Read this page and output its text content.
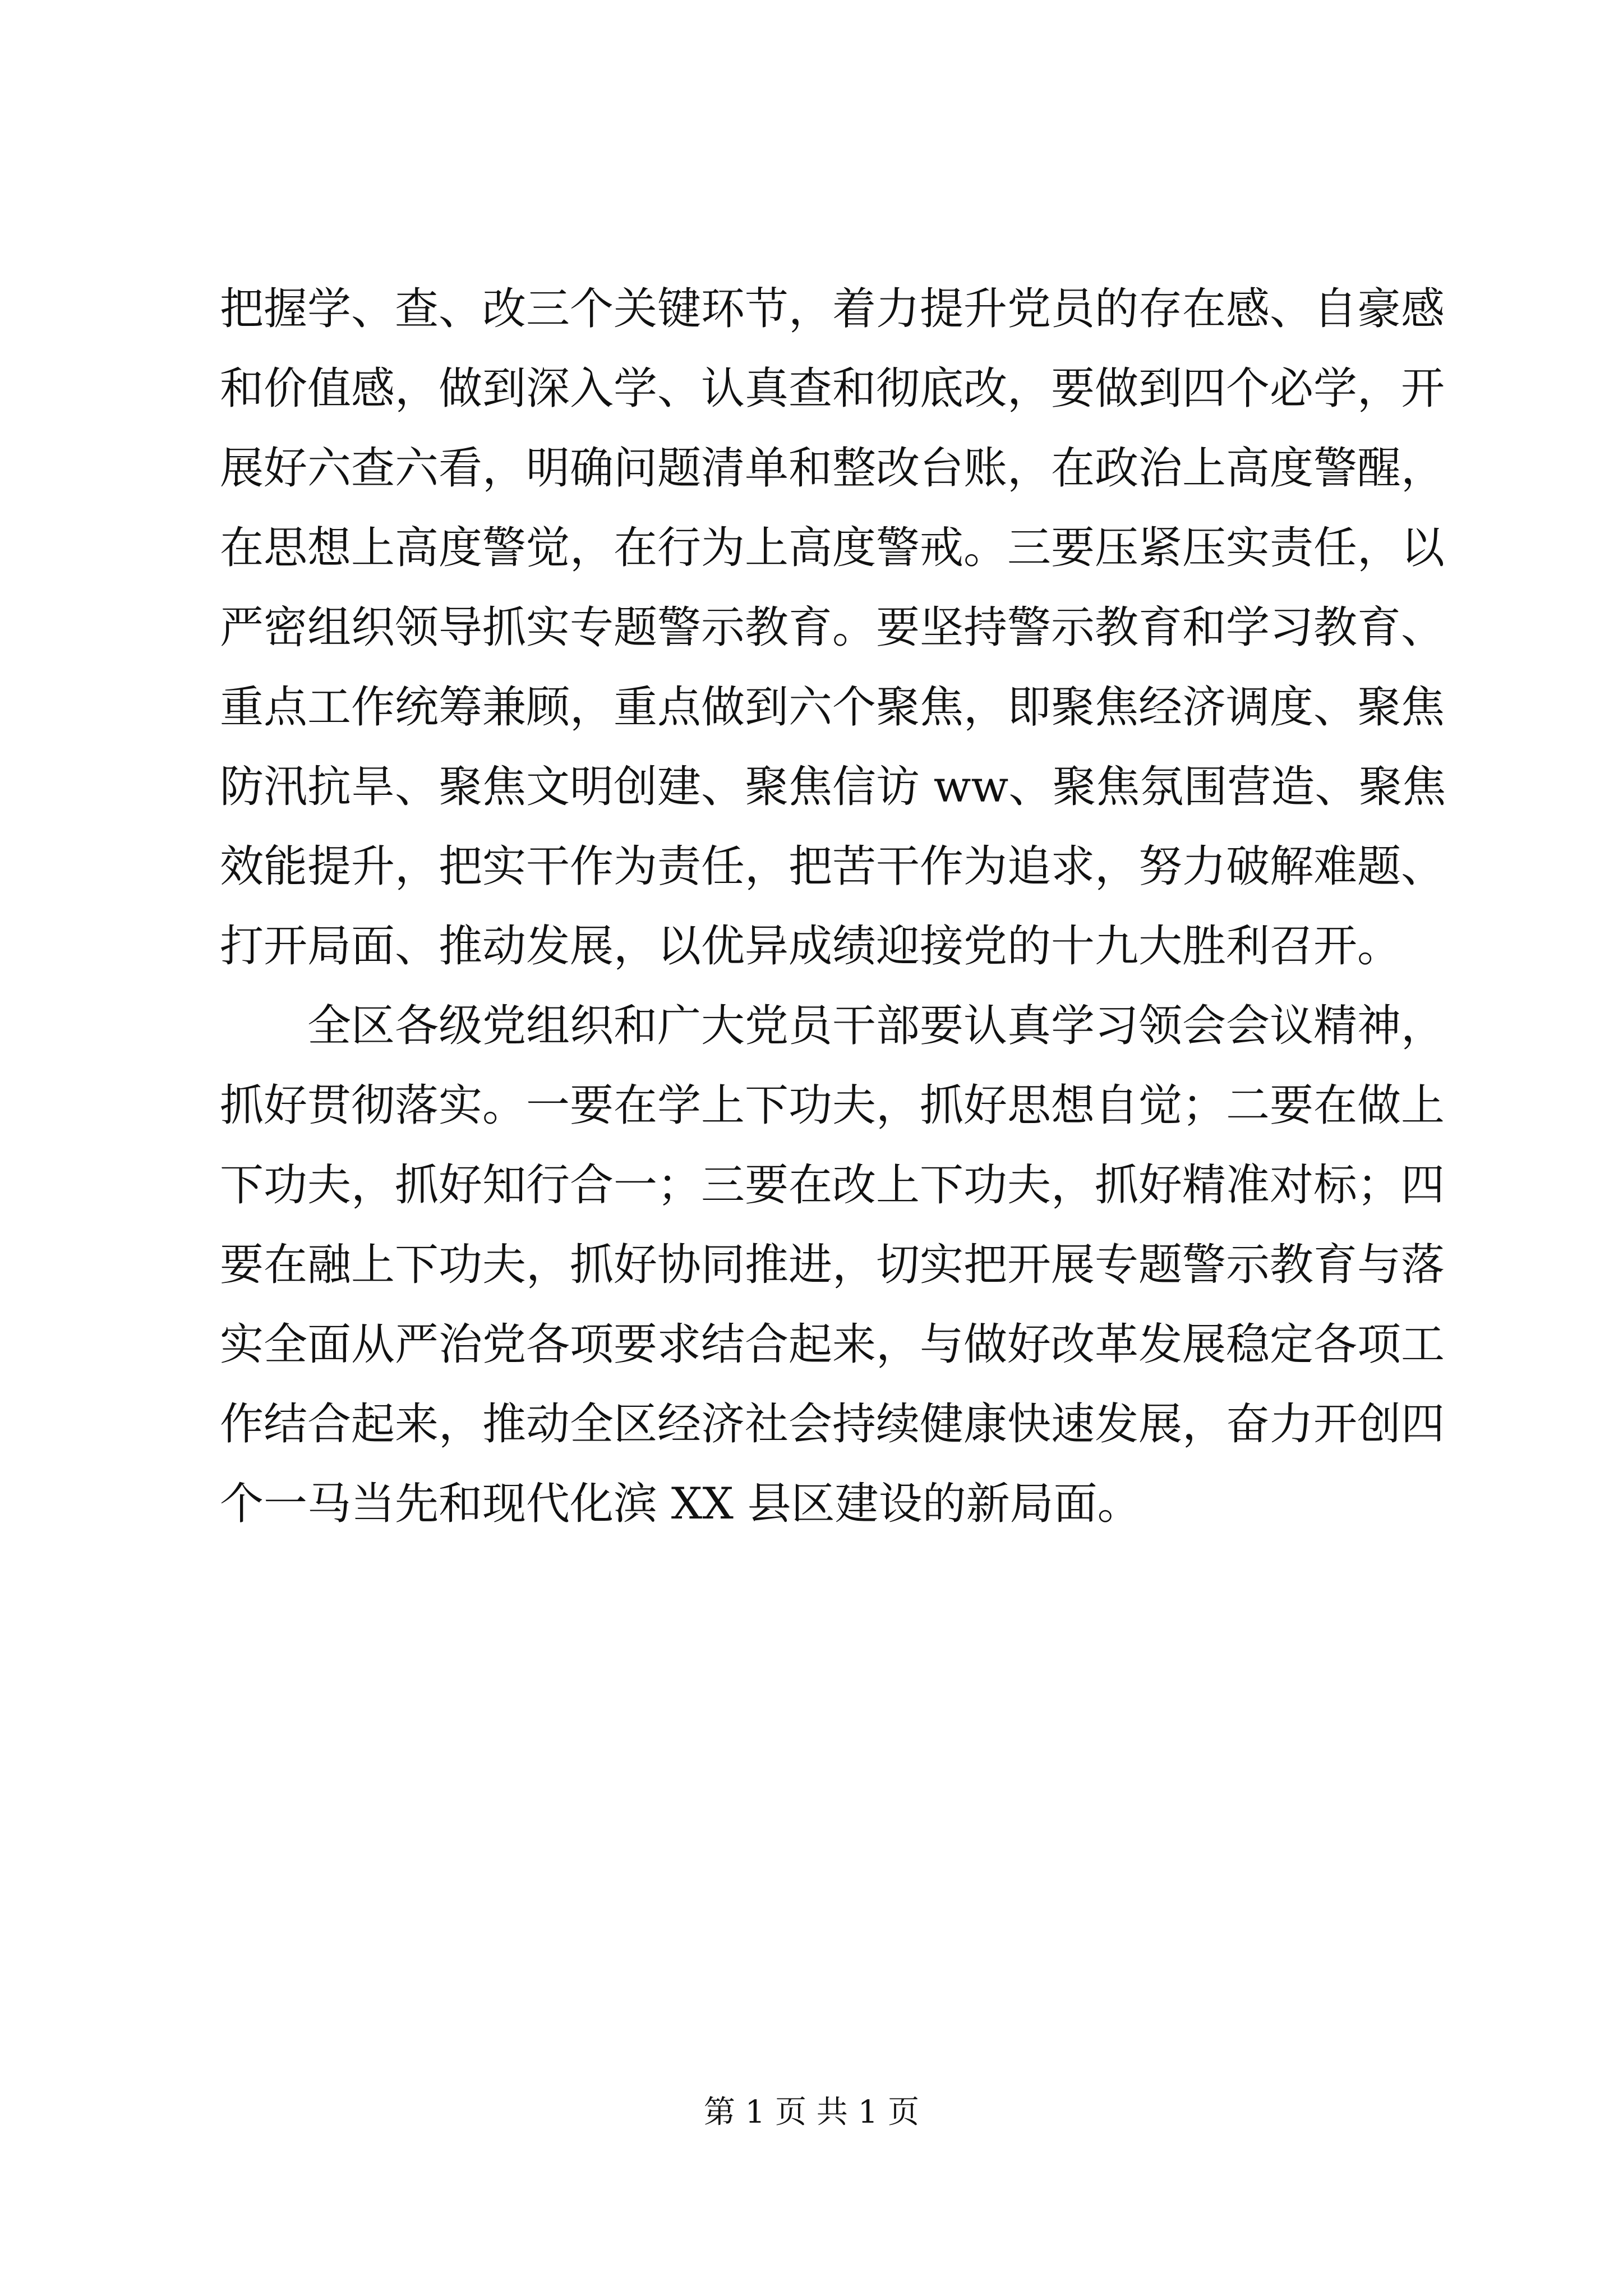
把握学、查、改三个关键环节，着力提升党员的存在感、自豪感
和价值感，做到深入学、认真查和彻底改，要做到四个必学，开
展好六查六看，明确问题清单和整改台账，在政治上高度警醒，
在思想上高度警觉，在行为上高度警戒。三要压紧压实责任，以
严密组织领导抓实专题警示教育。要坚持警示教育和学习教育、
重点工作统筹兼顾，重点做到六个聚焦，即聚焦经济调度、聚焦
防汛抗旱、聚焦文明创建、聚焦信访 ww、聚焦氛围营造、聚焦
效能提升，把实干作为责任，把苦干作为追求，努力破解难题、
打开局面、推动发展，以优异成绩迎接党的十九大胜利召开。
全区各级党组织和广大党员干部要认真学习领会会议精神，
抓好贯彻落实。一要在学上下功夫，抓好思想自觉；二要在做上
下功夫，抓好知行合一；三要在改上下功夫，抓好精准对标；四
要在融上下功夫，抓好协同推进，切实把开展专题警示教育与落
实全面从严治党各项要求结合起来，与做好改革发展稳定各项工
作结合起来，推动全区经济社会持续健康快速发展，奋力开创四
个一马当先和现代化滨 XX 县区建设的新局面。
第 1 页 共 1 页
